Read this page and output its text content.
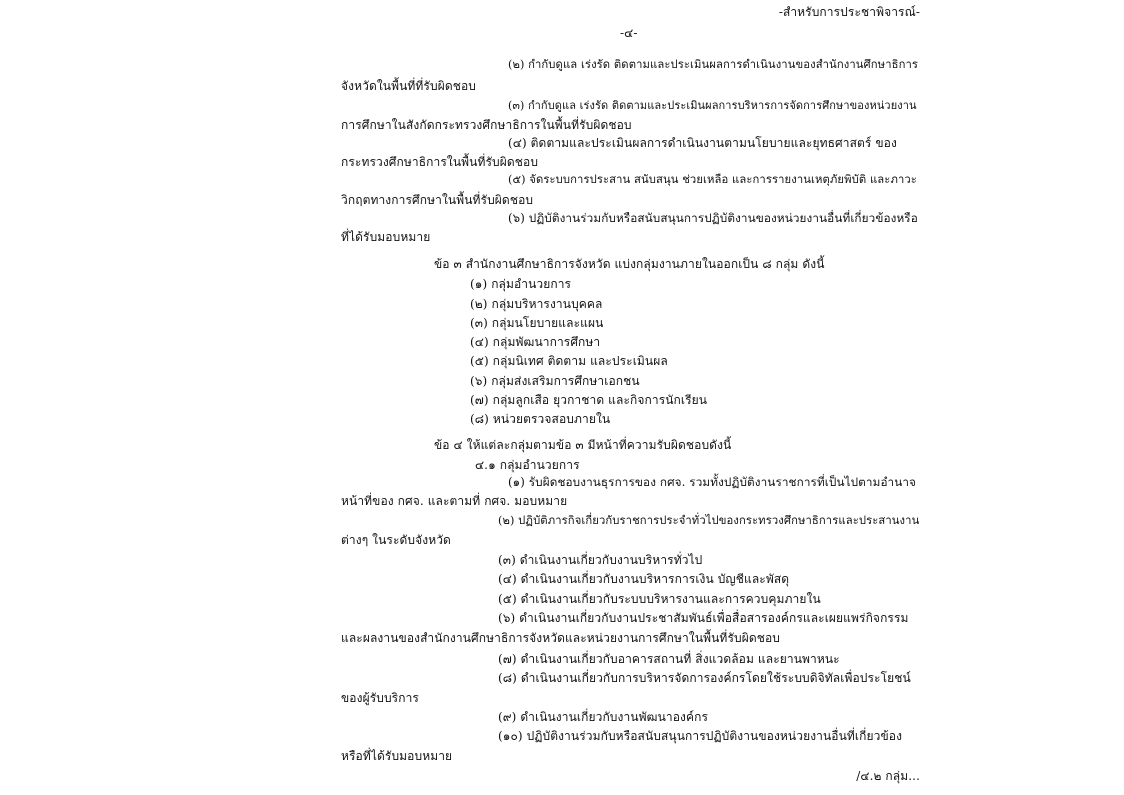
-สำหรับการประชาพิจารณ์-
-๔-
(๒) กำกับดูแล เร่งรัด ติดตามและประเมินผลการดำเนินงานของสำนักงานศึกษาธิการ
จังหวัดในพื้นที่ที่รับผิดชอบ
(๓) กำกับดูแล เร่งรัด ติดตามและประเมินผลการบริหารการจัดการศึกษาของหน่วยงาน
การศึกษาในสังกัดกระทรวงศึกษาธิการในพื้นที่รับผิดชอบ
(๔) ติดตามและประเมินผลการดำเนินงานตามนโยบายและยุทธศาสตร์ ของ
กระทรวงศึกษาธิการในพื้นที่รับผิดชอบ
(๕) จัดระบบการประสาน สนับสนุน ช่วยเหลือ และการรายงานเหตุภัยพิบัติ และภาวะ
วิกฤตทางการศึกษาในพื้นที่รับผิดชอบ
(๖) ปฏิบัติงานร่วมกับหรือสนับสนุนการปฏิบัติงานของหน่วยงานอื่นที่เกี่ยวข้องหรือ
ที่ได้รับมอบหมาย
ข้อ ๓ สำนักงานศึกษาธิการจังหวัด แบ่งกลุ่มงานภายในออกเป็น ๘ กลุ่ม ดังนี้
(๑) กลุ่มอำนวยการ
(๒) กลุ่มบริหารงานบุคคล
(๓) กลุ่มนโยบายและแผน
(๔) กลุ่มพัฒนาการศึกษา
(๕) กลุ่มนิเทศ ติดตาม และประเมินผล
(๖) กลุ่มส่งเสริมการศึกษาเอกชน
(๗) กลุ่มลูกเสือ ยุวกาชาด และกิจการนักเรียน
(๘) หน่วยตรวจสอบภายใน
ข้อ ๔ ให้แต่ละกลุ่มตามข้อ ๓ มีหน้าที่ความรับผิดชอบดังนี้
๔.๑ กลุ่มอำนวยการ
(๑) รับผิดชอบงานธุรการของ กศจ. รวมทั้งปฏิบัติงานราชการที่เป็นไปตามอำนาจ
หน้าที่ของ กศจ. และตามที่ กศจ. มอบหมาย
(๒) ปฏิบัติภารกิจเกี่ยวกับราชการประจำทั่วไปของกระทรวงศึกษาธิการและประสานงาน
ต่างๆ ในระดับจังหวัด
(๓) ดำเนินงานเกี่ยวกับงานบริหารทั่วไป
(๔) ดำเนินงานเกี่ยวกับงานบริหารการเงิน บัญชีและพัสดุ
(๕) ดำเนินงานเกี่ยวกับระบบบริหารงานและการควบคุมภายใน
(๖) ดำเนินงานเกี่ยวกับงานประชาสัมพันธ์เพื่อสื่อสารองค์กรและเผยแพร่กิจกรรม
และผลงานของสำนักงานศึกษาธิการจังหวัดและหน่วยงานการศึกษาในพื้นที่รับผิดชอบ
(๗) ดำเนินงานเกี่ยวกับอาคารสถานที่ สิ่งแวดล้อม และยานพาหนะ
(๘) ดำเนินงานเกี่ยวกับการบริหารจัดการองค์กรโดยใช้ระบบดิจิทัลเพื่อประโยชน์
ของผู้รับบริการ
(๙) ดำเนินงานเกี่ยวกับงานพัฒนาองค์กร
(๑๐) ปฏิบัติงานร่วมกับหรือสนับสนุนการปฏิบัติงานของหน่วยงานอื่นที่เกี่ยวข้อง
หรือที่ได้รับมอบหมาย
/๔.๒ กลุ่ม...
